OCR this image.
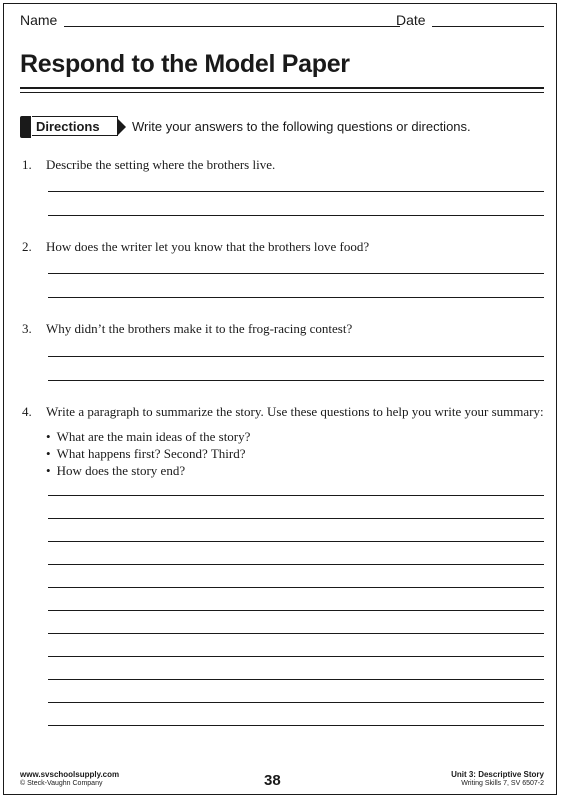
Name	Date
Respond to the Model Paper
Directions	Write your answers to the following questions or directions.
1. Describe the setting where the brothers live.
2. How does the writer let you know that the brothers love food?
3. Why didn’t the brothers make it to the frog-racing contest?
4. Write a paragraph to summarize the story. Use these questions to help you write your summary:
• What are the main ideas of the story?
• What happens first? Second? Third?
• How does the story end?
www.svschoolsupply.com
© Steck-Vaughn Company	38	Unit 3: Descriptive Story
Writing Skills 7, SV 6507-2
